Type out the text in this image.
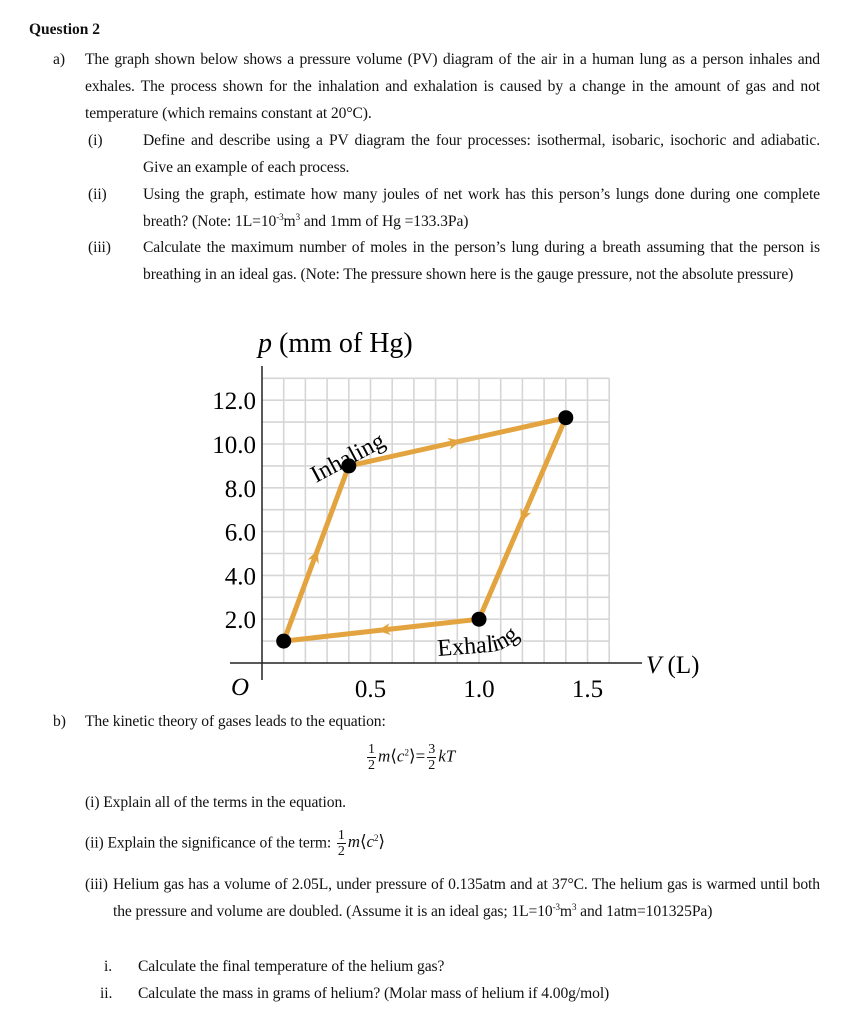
Question 2
a) The graph shown below shows a pressure volume (PV) diagram of the air in a human lung as a person inhales and exhales. The process shown for the inhalation and exhalation is caused by a change in the amount of gas and not temperature (which remains constant at 20°C).
(i)	Define and describe using a PV diagram the four processes: isothermal, isobaric, isochoric and adiabatic. Give an example of each process.
(ii) Using the graph, estimate how many joules of net work has this person’s lungs done during one complete breath? (Note: $1L=10^{-3}m^3$ and 1mm of Hg =133.3Pa)
(iii) Calculate the maximum number of moles in the person’s lung during a breath assuming that the person is breathing in an ideal gas. (Note: The pressure shown here is the gauge pressure, not the absolute pressure)
p (mm of Hg)
V (L)
O	0.5	1.0	1.5
2.0
4.0
6.0
8.0
10.0
12.0
Inhaling
Exhaling
b) The kinetic theory of gases leads to the equation:
$\frac{1}{2}$ $m⟨c^2⟩= \frac{3}{2}$ kT
(i) Explain all of the terms in the equation.
(ii) Explain the significance of the term: $\frac{1}{2}$ $m⟨c^2⟩$
(iii) Helium gas has a volume of 2.05L, under pressure of 0.135atm and at 37°C. The helium gas is warmed until both the pressure and volume are doubled. (Assume it is an ideal gas; $1L=10^{-3}m^3$ and 1atm=101325Pa)
i. Calculate the final temperature of the helium gas?
ii. Calculate the mass in grams of helium? (Molar mass of helium if 4.00g/mol)
